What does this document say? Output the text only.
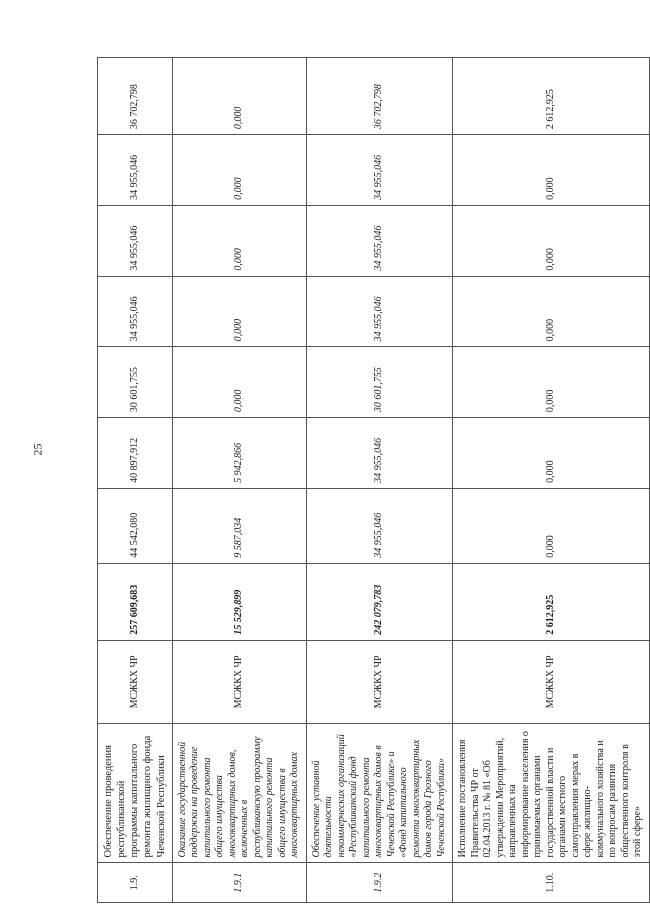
25
1.9.	Обеспечение проведения республиканской программы капитального ремонта жилищного фонда Чеченской Республики	МСЖКХ ЧР	257 609,683	44 542,080	40 897,912	30 601,755	34 955,046	34 955,046	34 955,046	36 702,798
1.9.1	Оказание государственной поддержки на проведение капитального ремонта общего имущества многоквартирных домов, включенных в республиканскую программу капитального ремонта общего имущества в многоквартирных домах	МСЖКХ ЧР	15 529,899	9 587,034	5 942,866	0,000	0,000	0,000	0,000	0,000
1.9.2	Обеспечение уставной деятельности некоммерческих организаций «Республиканский фонд капитального ремонта многоквартирных домов в Чеченской Республике» и «Фонд капитального ремонта многоквартирных домов города Грозного Чеченской Республики»	МСЖКХ ЧР	242 079,783	34 955,046	34 955,046	30 601,755	34 955,046	34 955,046	34 955,046	36 702,798
1.10.	Исполнение постановления Правительства ЧР от 02.04.2013 г. № 81 «Об утверждении Мероприятий, направленных на информирование населения о принимаемых органами государственной власти и органами местного самоуправления мерах в сфере жилищно-коммунального хозяйства и по вопросам развития общественного контроля в этой сфере»	МСЖКХ ЧР	2 612,925	0,000	0,000	0,000	0,000	0,000	0,000	2 612,925
